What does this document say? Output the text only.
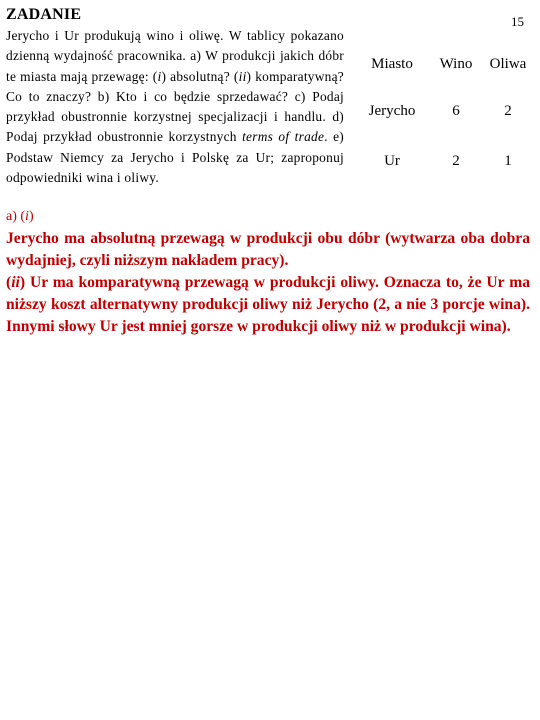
ZADANIE	15
Jerycho i Ur produkują wino i oliwę. W tablicy pokazano dzienną wydajność pracownika. a) W produkcji jakich dóbr te miasta mają przewagę: (i) absolutną? (ii) komparatywną? Co to znaczy? b) Kto i co będzie sprzedawać? c) Podaj przykład obustronnie korzystnej specjalizacji i handlu. d) Podaj przykład obustronnie korzystnych terms of trade. e) Podstaw Niemcy za Jerycho i Polskę za Ur; zaproponuj odpowiedniki wina i oliwy.
Miasto	Wino	Oliwa
Jerycho	6	2
Ur	2	1
a) (i)
Jerycho ma absolutną przewagą w produkcji obu dóbr (wytwarza oba dobra wydajniej, czyli niższym nakładem pracy).
(ii) Ur ma komparatywną przewagą w produkcji oliwy. Oznacza to, że Ur ma niższy koszt alternatywny produkcji oliwy niż Jerycho (2, a nie 3 porcje wina). Innymi słowy Ur jest mniej gorsze w produkcji oliwy niż w produkcji wina).
